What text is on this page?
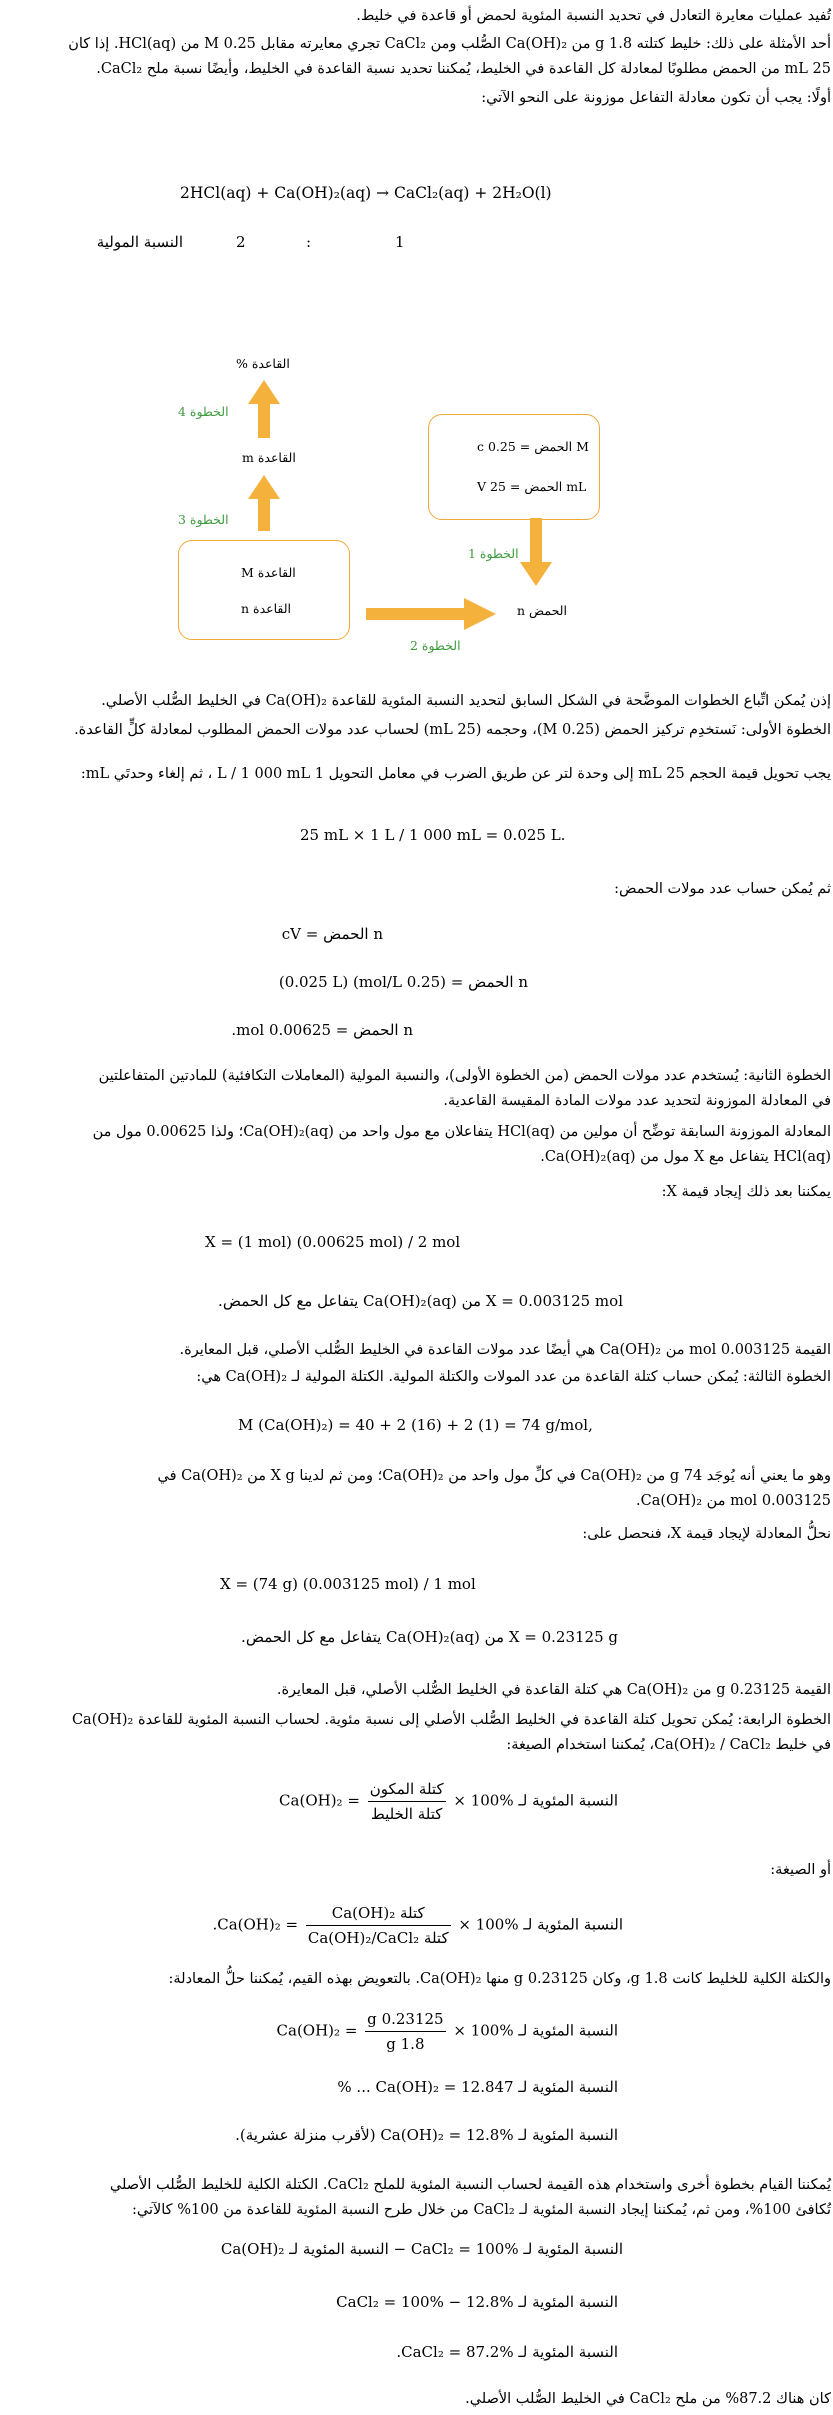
تُفيد عمليات معايرة التعادل في تحديد النسبة المئوية لحمض أو قاعدة في خليط.

أحد الأمثلة على ذلك: خليط كتلته 1.8 g من Ca(OH)₂ الصُّلب ومن CaCl₂ تجري معايرته مقابل 0.25 M من HCl(aq). إذا كان

25 mL من الحمض مطلوبًا لمعادلة كل القاعدة في الخليط، يُمكننا تحديد نسبة القاعدة في الخليط، وأيضًا نسبة ملح CaCl₂.

أولًا: يجب أن تكون معادلة التفاعل موزونة على النحو الآتي:

2HCl(aq) + Ca(OH)₂(aq) → CaCl₂(aq) + 2H₂O(l)
النسبة المولية	2	:	1
% القاعدة
الخطوة 4
m القاعدة
الخطوة 3
M القاعدة
n القاعدة
الخطوة 2
n الحمض
c الحمض = 0.25 M
V الحمض = 25 mL
الخطوة 1

إذن يُمكن اتِّباع الخطوات الموضَّحة في الشكل السابق لتحديد النسبة المئوية للقاعدة Ca(OH)₂ في الخليط الصُّلب الأصلي.

الخطوة الأولى: نَستخدِم تركيز الحمض (0.25 M)، وحجمه (25 mL) لحساب عدد مولات الحمض المطلوب لمعادلة كلٍّ القاعدة.

يجب تحويل قيمة الحجم 25 mL إلى وحدة لتر عن طريق الضرب في معامل التحويل 1 L / 1 000 mL ، ثم إلغاء وحدتَي mL:

25 mL × 1 L / 1 000 mL = 0.025 L.

ثم يُمكن حساب عدد مولات الحمض:

n الحمض = cV
n الحمض = (0.25 mol/L) (0.025 L)
n الحمض = 0.00625 mol.

الخطوة الثانية: يُستخدم عدد مولات الحمض (من الخطوة الأولى)، والنسبة المولية (المعاملات التكافئية) للمادتين المتفاعلتين

في المعادلة الموزونة لتحديد عدد مولات المادة المقيسة القاعدية.

المعادلة الموزونة السابقة توضِّح أن مولين من HCl(aq) يتفاعلان مع مول واحد من Ca(OH)₂(aq)؛ ولذا 0.00625 مول من

HCl(aq) يتفاعل مع X مول من Ca(OH)₂(aq).

يمكننا بعد ذلك إيجاد قيمة X:

X = (1 mol) (0.00625 mol) / 2 mol
X = 0.003125 mol من Ca(OH)₂(aq) يتفاعل مع كل الحمض.

القيمة 0.003125 mol من Ca(OH)₂ هي أيضًا عدد مولات القاعدة في الخليط الصُّلب الأصلي، قبل المعايرة.

الخطوة الثالثة: يُمكن حساب كتلة القاعدة من عدد المولات والكتلة المولية. الكتلة المولية لـ Ca(OH)₂ هي:

M (Ca(OH)₂) = 40 + 2 (16) + 2 (1) = 74 g/mol,

وهو ما يعني أنه يُوجَد 74 g من Ca(OH)₂ في كلِّ مول واحد من Ca(OH)₂؛ ومن ثم لدينا X g من Ca(OH)₂ في

0.003125 mol من Ca(OH)₂.

نحلُّ المعادلة لإيجاد قيمة X، فنحصل على:

X = (74 g) (0.003125 mol) / 1 mol
X = 0.23125 g من Ca(OH)₂(aq) يتفاعل مع كل الحمض.

القيمة 0.23125 g من Ca(OH)₂ هي كتلة القاعدة في الخليط الصُّلب الأصلي، قبل المعايرة.

الخطوة الرابعة: يُمكن تحويل كتلة القاعدة في الخليط الصُّلب الأصلي إلى نسبة مئوية. لحساب النسبة المئوية للقاعدة Ca(OH)₂

في خليط Ca(OH)₂ / CaCl₂، يُمكننا استخدام الصيغة:

النسبة المئوية لـ Ca(OH)₂ =
$\frac{\text{كتلة المكون}}{\text{كتلة الخليط}} \times 100\%$

أو الصيغة:

النسبة المئوية لـ Ca(OH)₂ =
$\frac{\text{كتلة Ca(OH)₂}}{\text{كتلة Ca(OH)₂/CaCl₂}}$
× 100%.

والكتلة الكلية للخليط كانت 1.8 g، وكان 0.23125 g منها Ca(OH)₂. بالتعويض بهذه القيم، يُمكننا حلُّ المعادلة:

النسبة المئوية لـ Ca(OH)₂ =
$\frac{0.23125 g}{1.8 g} \times 100\%$
النسبة المئوية لـ Ca(OH)₂ = 12.847 ... %
النسبة المئوية لـ Ca(OH)₂ = 12.8% (لأقرب منزلة عشرية).

يُمكننا القيام بخطوة أخرى واستخدام هذه القيمة لحساب النسبة المئوية للملح CaCl₂. الكتلة الكلية للخليط الصُّلب الأصلي

تُكافئ 100%، ومن ثم، يُمكننا إيجاد النسبة المئوية لـ CaCl₂ من خلال طرح النسبة المئوية للقاعدة من 100% كالآتي:

النسبة المئوية لـ CaCl₂ = 100% − النسبة المئوية لـ Ca(OH)₂
النسبة المئوية لـ CaCl₂ = 100% − 12.8%
النسبة المئوية لـ CaCl₂ = 87.2%.

كان هناك 87.2% من ملح CaCl₂ في الخليط الصُّلب الأصلي.
